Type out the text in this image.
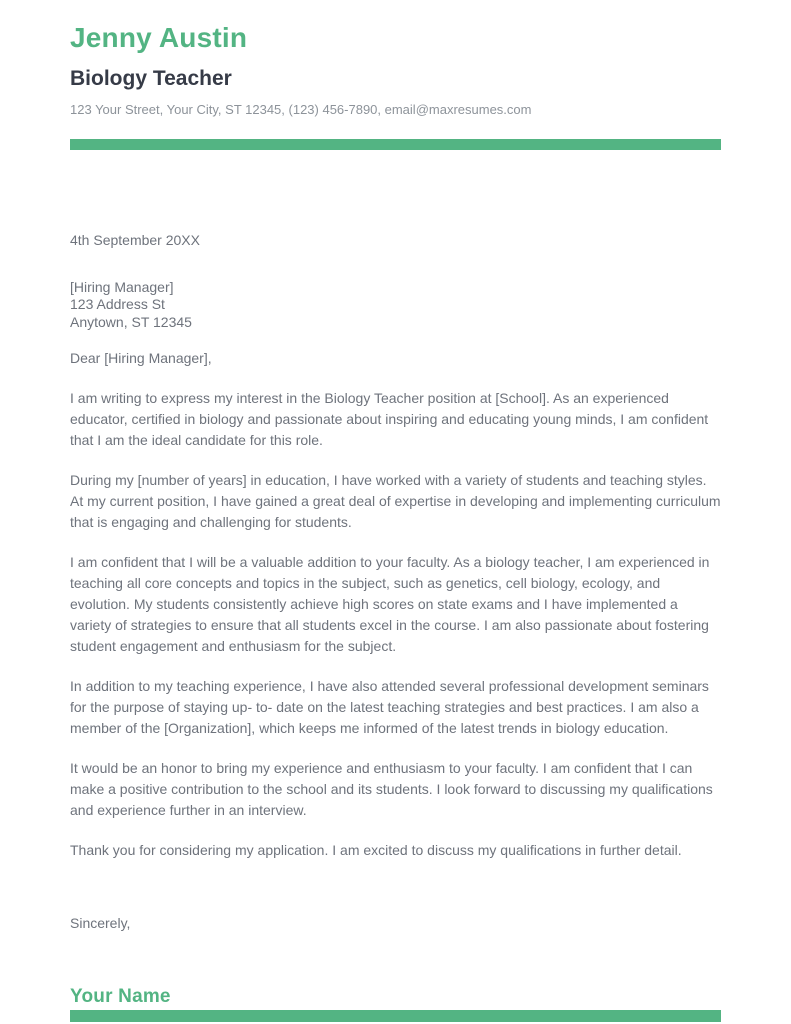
Jenny Austin
Biology Teacher

123 Your Street, Your City, ST 12345, (123) 456-7890, email@maxresumes.com

4th September 20XX

[Hiring Manager]
123 Address St
Anytown, ST 12345

Dear [Hiring Manager],

I am writing to express my interest in the Biology Teacher position at [School]. As an experienced educator, certified in biology and passionate about inspiring and educating young minds, I am confident that I am the ideal candidate for this role.

During my [number of years] in education, I have worked with a variety of students and teaching styles. At my current position, I have gained a great deal of expertise in developing and implementing curriculum that is engaging and challenging for students.

I am confident that I will be a valuable addition to your faculty. As a biology teacher, I am experienced in teaching all core concepts and topics in the subject, such as genetics, cell biology, ecology, and evolution. My students consistently achieve high scores on state exams and I have implemented a variety of strategies to ensure that all students excel in the course. I am also passionate about fostering student engagement and enthusiasm for the subject.

In addition to my teaching experience, I have also attended several professional development seminars for the purpose of staying up- to- date on the latest teaching strategies and best practices. I am also a member of the [Organization], which keeps me informed of the latest trends in biology education.

It would be an honor to bring my experience and enthusiasm to your faculty. I am confident that I can make a positive contribution to the school and its students. I look forward to discussing my qualifications and experience further in an interview.

Thank you for considering my application. I am excited to discuss my qualifications in further detail.

Sincerely,

Your Name
